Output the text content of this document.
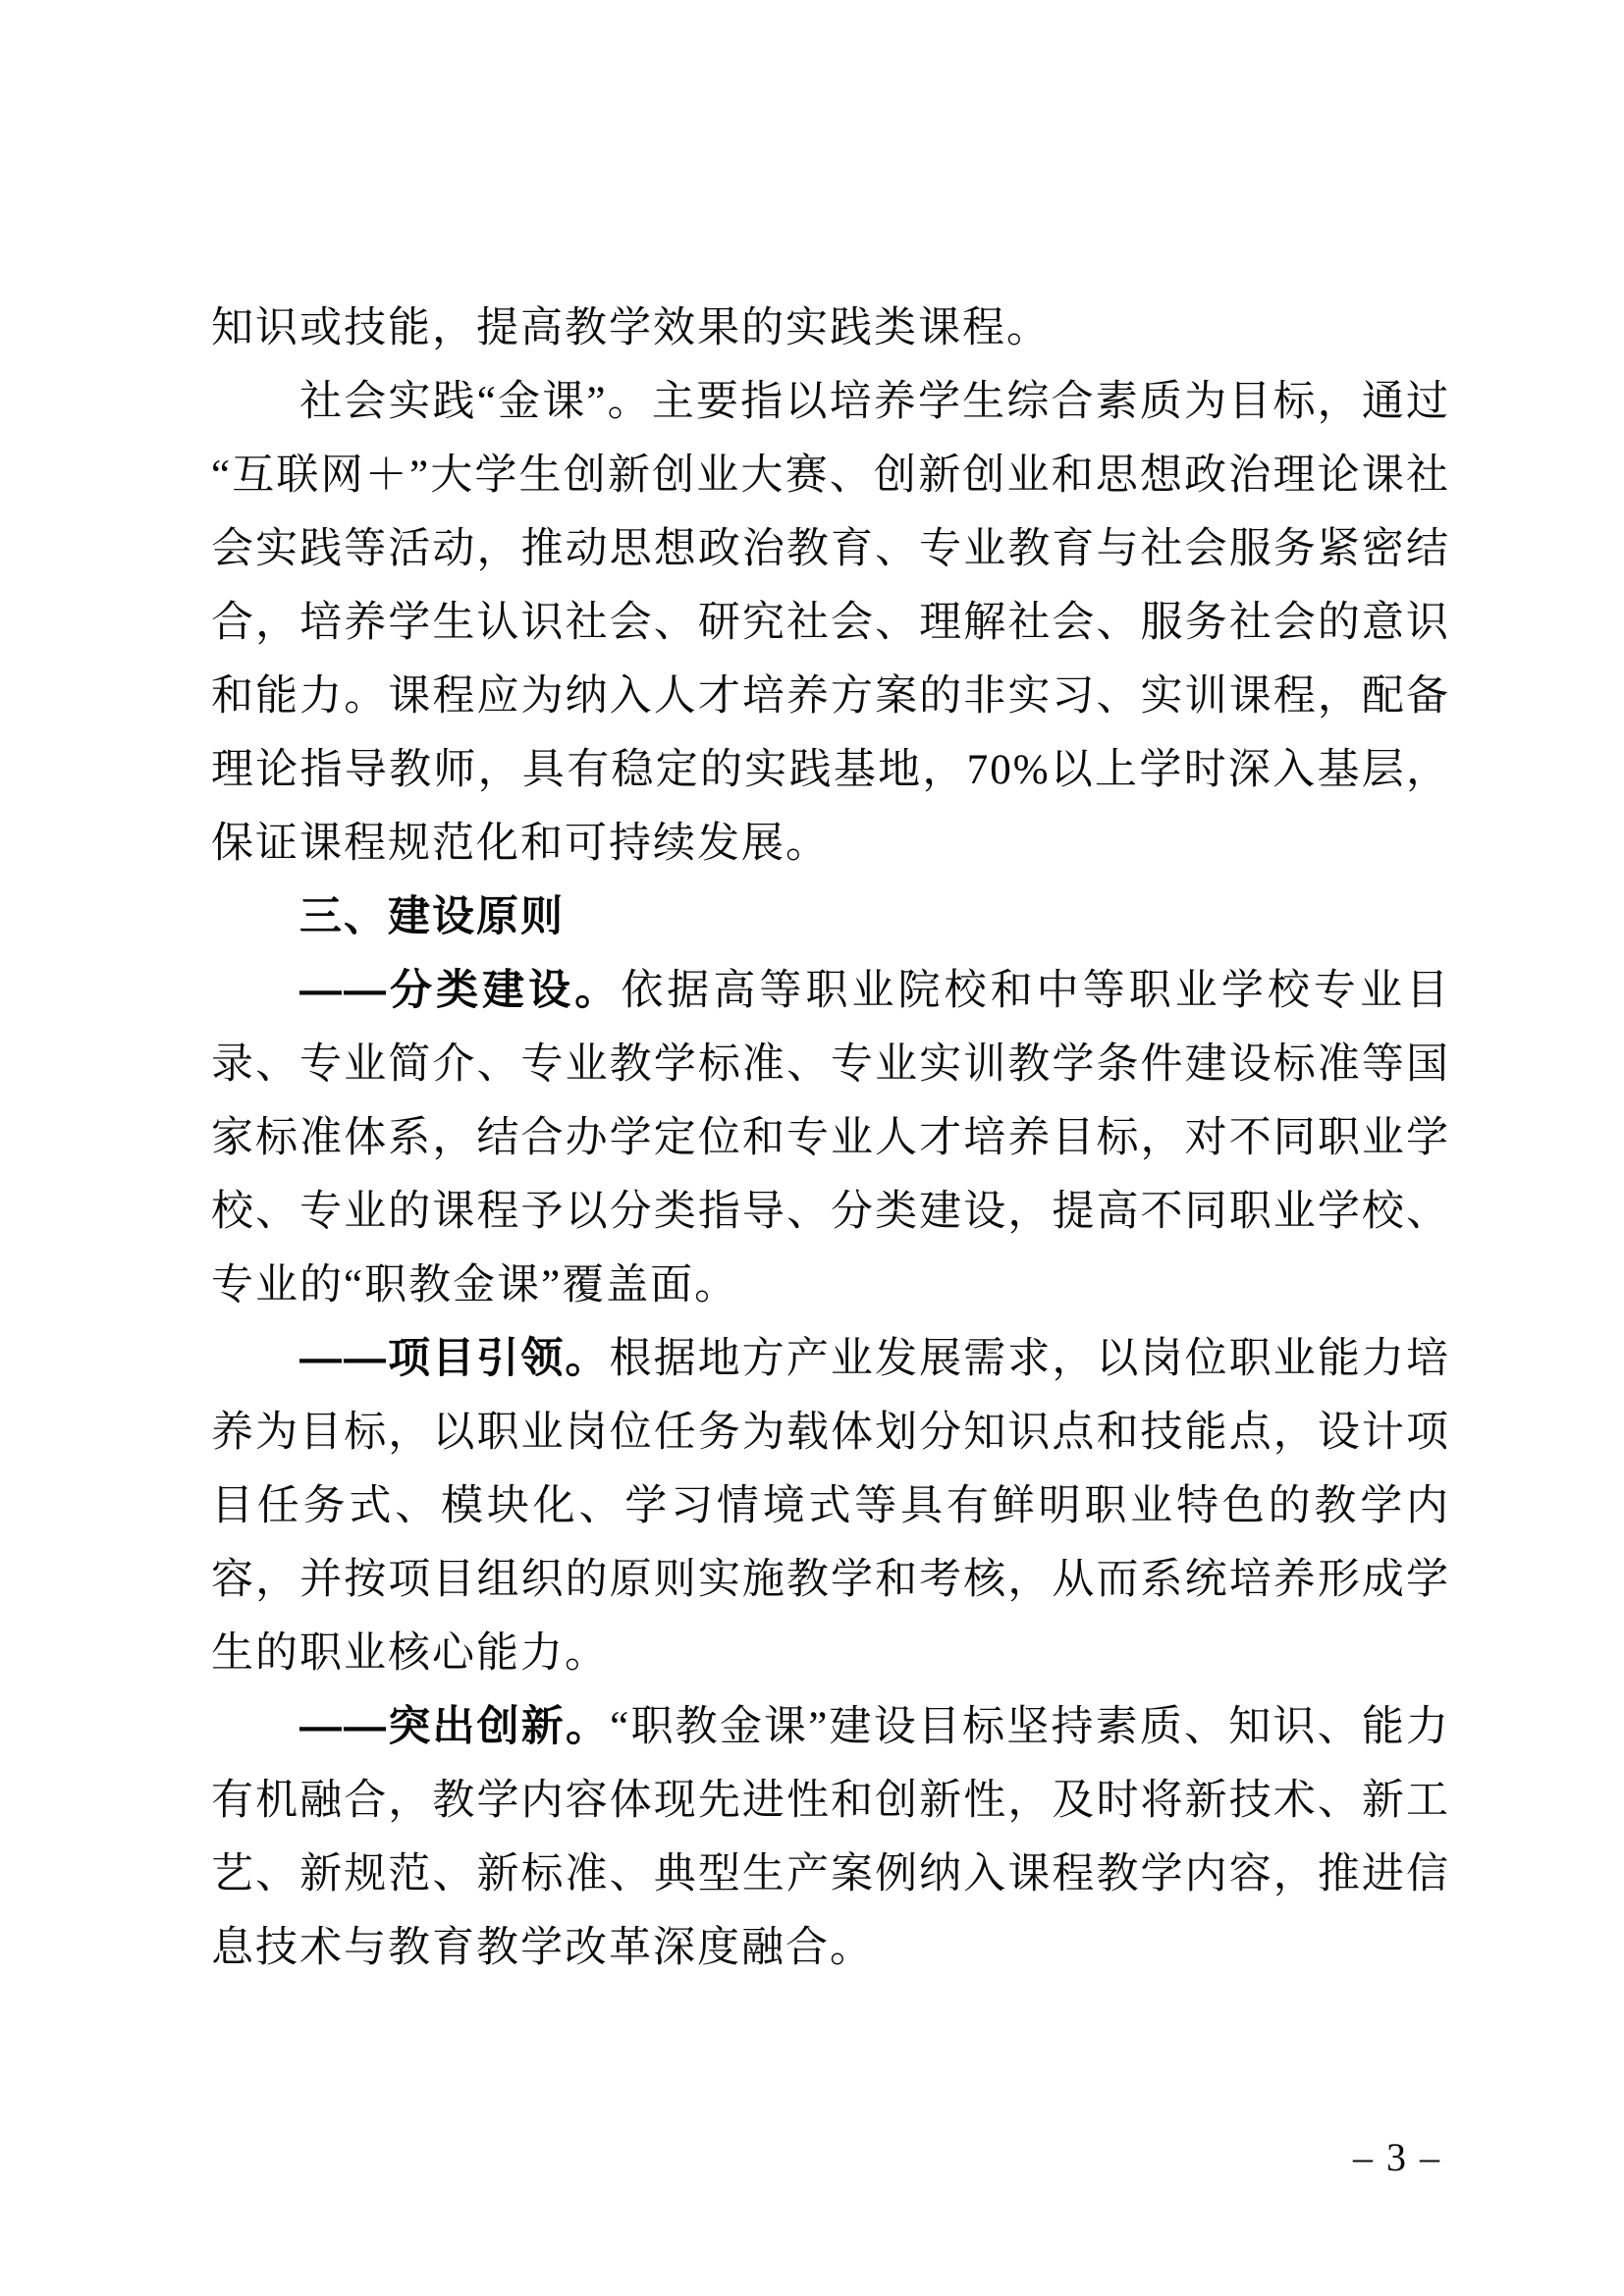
知识或技能，提高教学效果的实践类课程。

社会实践“金课”。主要指以培养学生综合素质为目标，通过“互联网＋”大学生创新创业大赛、创新创业和思想政治理论课社会实践等活动，推动思想政治教育、专业教育与社会服务紧密结合，培养学生认识社会、研究社会、理解社会、服务社会的意识和能力。课程应为纳入人才培养方案的非实习、实训课程，配备理论指导教师，具有稳定的实践基地，70%以上学时深入基层，保证课程规范化和可持续发展。

三、建设原则

——分类建设。依据高等职业院校和中等职业学校专业目录、专业简介、专业教学标准、专业实训教学条件建设标准等国家标准体系，结合办学定位和专业人才培养目标，对不同职业学校、专业的课程予以分类指导、分类建设，提高不同职业学校、专业的“职教金课”覆盖面。

——项目引领。根据地方产业发展需求，以岗位职业能力培养为目标，以职业岗位任务为载体划分知识点和技能点，设计项目任务式、模块化、学习情境式等具有鲜明职业特色的教学内容，并按项目组织的原则实施教学和考核，从而系统培养形成学生的职业核心能力。

——突出创新。“职教金课”建设目标坚持素质、知识、能力有机融合，教学内容体现先进性和创新性，及时将新技术、新工艺、新规范、新标准、典型生产案例纳入课程教学内容，推进信息技术与教育教学改革深度融合。

– 3 –
